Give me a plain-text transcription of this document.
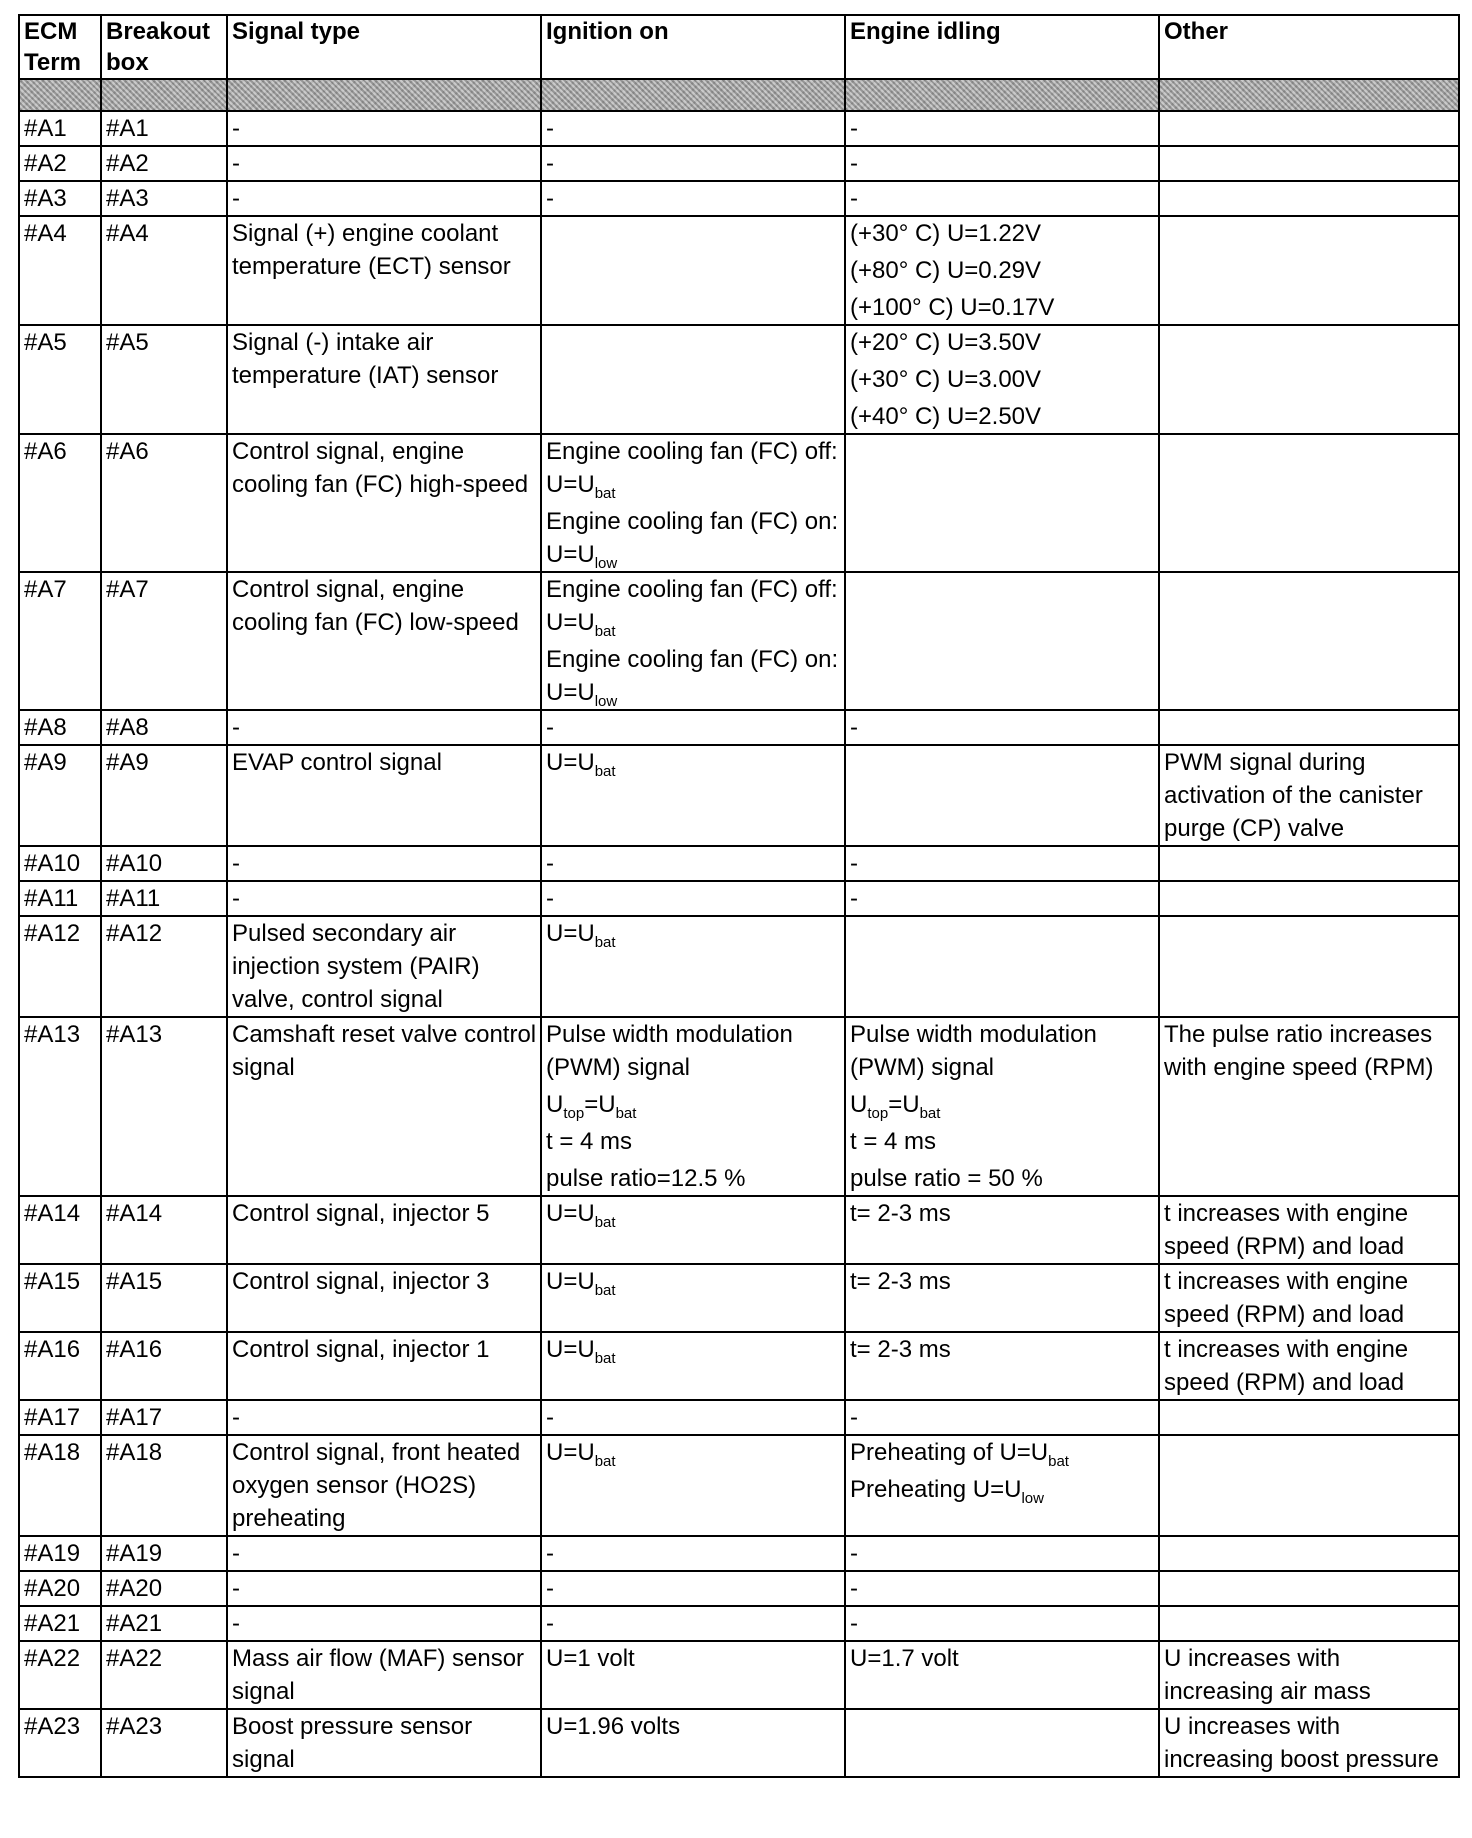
ECM Term	Breakout box	Signal type	Ignition on	Engine idling	Other

#A1	#A1	-	-	-	

#A2	#A2	-	-	-	

#A3	#A3	-	-	-	

#A4	#A4	Signal (+) engine coolant temperature (ECT) sensor		(+30° C) U=1.22V
(+80° C) U=0.29V
(+100° C) U=0.17V	

#A5	#A5	Signal (-) intake air temperature (IAT) sensor		(+20° C) U=3.50V
(+30° C) U=3.00V
(+40° C) U=2.50V	

#A6	#A6	Control signal, engine cooling fan (FC) high-speed	Engine cooling fan (FC) off: $U=U_{bat}$
Engine cooling fan (FC) on: $U=U_{low}$

#A7	#A7	Control signal, engine cooling fan (FC) low-speed	Engine cooling fan (FC) off: $U=U_{bat}$
Engine cooling fan (FC) on: $U=U_{low}$

#A8	#A8	-	-	-	

#A9	#A9	EVAP control signal	$U=U_{bat}$		PWM signal during activation of the canister purge (CP) valve

#A10	#A10	-	-	-	

#A11	#A11	-	-	-	

#A12	#A12	Pulsed secondary air injection system (PAIR) valve, control signal	$U=U_{bat}$

#A13	#A13	Camshaft reset valve control signal	Pulse width modulation (PWM) signal
$U_{top}=U_{bat}$
t = 4 ms
pulse ratio=12.5 %	Pulse width modulation (PWM) signal
$U_{top}=U_{bat}$
t = 4 ms
pulse ratio = 50 %	The pulse ratio increases with engine speed (RPM)

#A14	#A14	Control signal, injector 5	$U=U_{bat}$	t= 2-3 ms	t increases with engine speed (RPM) and load

#A15	#A15	Control signal, injector 3	$U=U_{bat}$	t= 2-3 ms	t increases with engine speed (RPM) and load

#A16	#A16	Control signal, injector 1	$U=U_{bat}$	t= 2-3 ms	t increases with engine speed (RPM) and load

#A17	#A17	-	-	-	

#A18	#A18	Control signal, front heated oxygen sensor (HO2S) preheating	$U=U_{bat}$	Preheating of $U=U_{bat}$
Preheating $U=U_{low}$

#A19	#A19	-	-	-	

#A20	#A20	-	-	-	

#A21	#A21	-	-	-	

#A22	#A22	Mass air flow (MAF) sensor signal	U=1 volt	U=1.7 volt	U increases with increasing air mass

#A23	#A23	Boost pressure sensor signal	U=1.96 volts		U increases with increasing boost pressure
